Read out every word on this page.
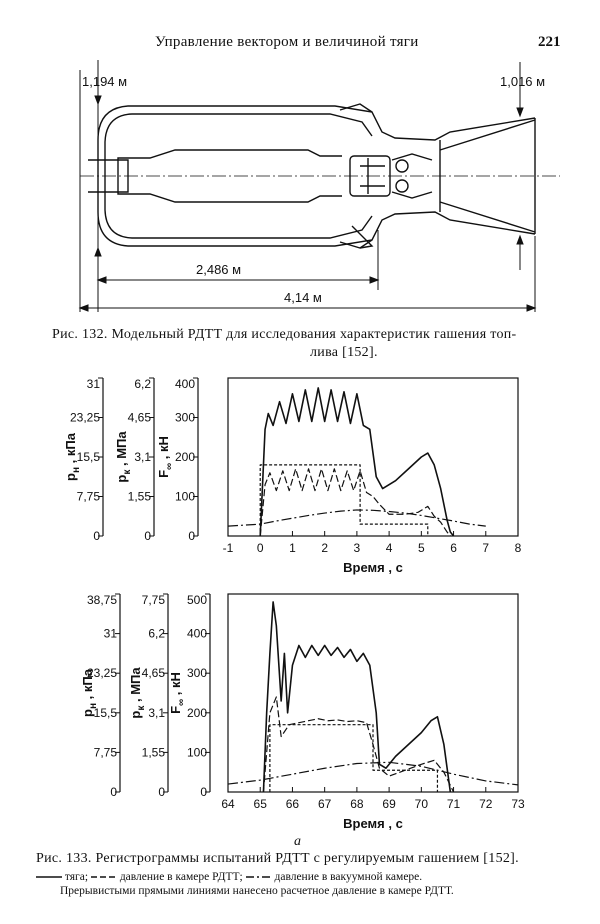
Управление вектором и величиной тяги	221
1,194 м	1,016 м
2,486 м
4,14 м
Рис. 132. Модельный РДТТ для исследования характеристик гашения топ-
лива [152].
-1 0 1 2 3 4 5 6 7 8
Время , с
31
23,25
15,5
7,75
0
$p_н$ , кПа
6,2
4,65
3,1
1,55
0
$p_к$ , МПа
400
300
200
100
0
$F_\infty$ , кН
64 65 66 67 68 69 70 71 72 73
Время , с
38,75
31
23,25
15,5
7,75
0
$p_н$ , кПа
7,75
6,2
4,65
3,1
1,55
0
$p_к$ , МПа
500
400
300
200
100
0
$F_\infty$ , кН
а
Рис. 133. Регистрограммы испытаний РДТТ с регулируемым гашением [152].
тяга;	давление в камере РДТТ;	давление в вакуумной камере.
Прерывистыми прямыми линиями нанесено расчетное давление в камере РДТТ.
